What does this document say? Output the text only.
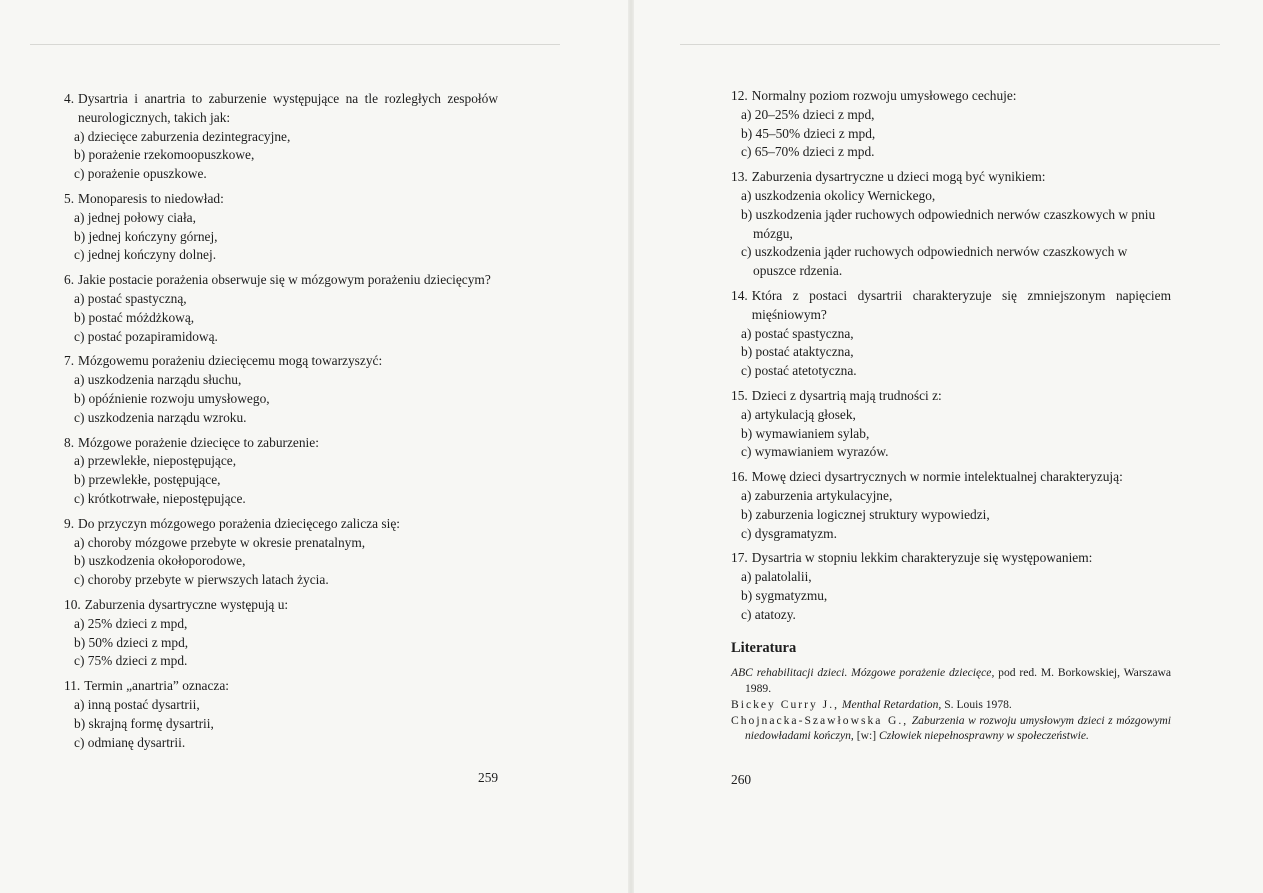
4. Dysartria i anartria to zaburzenie występujące na tle rozległych zespołów neurologicznych, takich jak:
a) dziecięce zaburzenia dezintegracyjne,
b) porażenie rzekomoopuszkowe,
c) porażenie opuszkowe.
5. Monoparesis to niedowład:
a) jednej połowy ciała,
b) jednej kończyny górnej,
c) jednej kończyny dolnej.
6. Jakie postacie porażenia obserwuje się w mózgowym porażeniu dziecięcym?
a) postać spastyczną,
b) postać móżdżkową,
c) postać pozapiramidową.
7. Mózgowemu porażeniu dziecięcemu mogą towarzyszyć:
a) uszkodzenia narządu słuchu,
b) opóźnienie rozwoju umysłowego,
c) uszkodzenia narządu wzroku.
8. Mózgowe porażenie dziecięce to zaburzenie:
a) przewlekłe, niepostępujące,
b) przewlekłe, postępujące,
c) krótkotrwałe, niepostępujące.
9. Do przyczyn mózgowego porażenia dziecięcego zalicza się:
a) choroby mózgowe przebyte w okresie prenatalnym,
b) uszkodzenia okołoporodowe,
c) choroby przebyte w pierwszych latach życia.
10. Zaburzenia dysartryczne występują u:
a) 25% dzieci z mpd,
b) 50% dzieci z mpd,
c) 75% dzieci z mpd.
11. Termin „anartria” oznacza:
a) inną postać dysartrii,
b) skrajną formę dysartrii,
c) odmianę dysartrii.
259
12. Normalny poziom rozwoju umysłowego cechuje:
a) 20–25% dzieci z mpd,
b) 45–50% dzieci z mpd,
c) 65–70% dzieci z mpd.
13. Zaburzenia dysartryczne u dzieci mogą być wynikiem:
a) uszkodzenia okolicy Wernickego,
b) uszkodzenia jąder ruchowych odpowiednich nerwów czaszkowych w pniu mózgu,
c) uszkodzenia jąder ruchowych odpowiednich nerwów czaszkowych w opuszce rdzenia.
14. Która z postaci dysartrii charakteryzuje się zmniejszonym napięciem mięśniowym?
a) postać spastyczna,
b) postać ataktyczna,
c) postać atetotyczna.
15. Dzieci z dysartrią mają trudności z:
a) artykulacją głosek,
b) wymawianiem sylab,
c) wymawianiem wyrazów.
16. Mowę dzieci dysartrycznych w normie intelektualnej charakteryzują:
a) zaburzenia artykulacyjne,
b) zaburzenia logicznej struktury wypowiedzi,
c) dysgramatyzm.
17. Dysartria w stopniu lekkim charakteryzuje się występowaniem:
a) palatolalii,
b) sygmatyzmu,
c) atatozy.
Literatura
ABC rehabilitacji dzieci. Mózgowe porażenie dziecięce, pod red. M. Borkowskiej, Warszawa 1989.
Bickey Curry J., Menthal Retardation, S. Louis 1978.
Chojnacka-Szawłowska G., Zaburzenia w rozwoju umysłowym dzieci z mózgowymi niedowładami kończyn, [w:] Człowiek niepełnosprawny w społeczeństwie.
260
